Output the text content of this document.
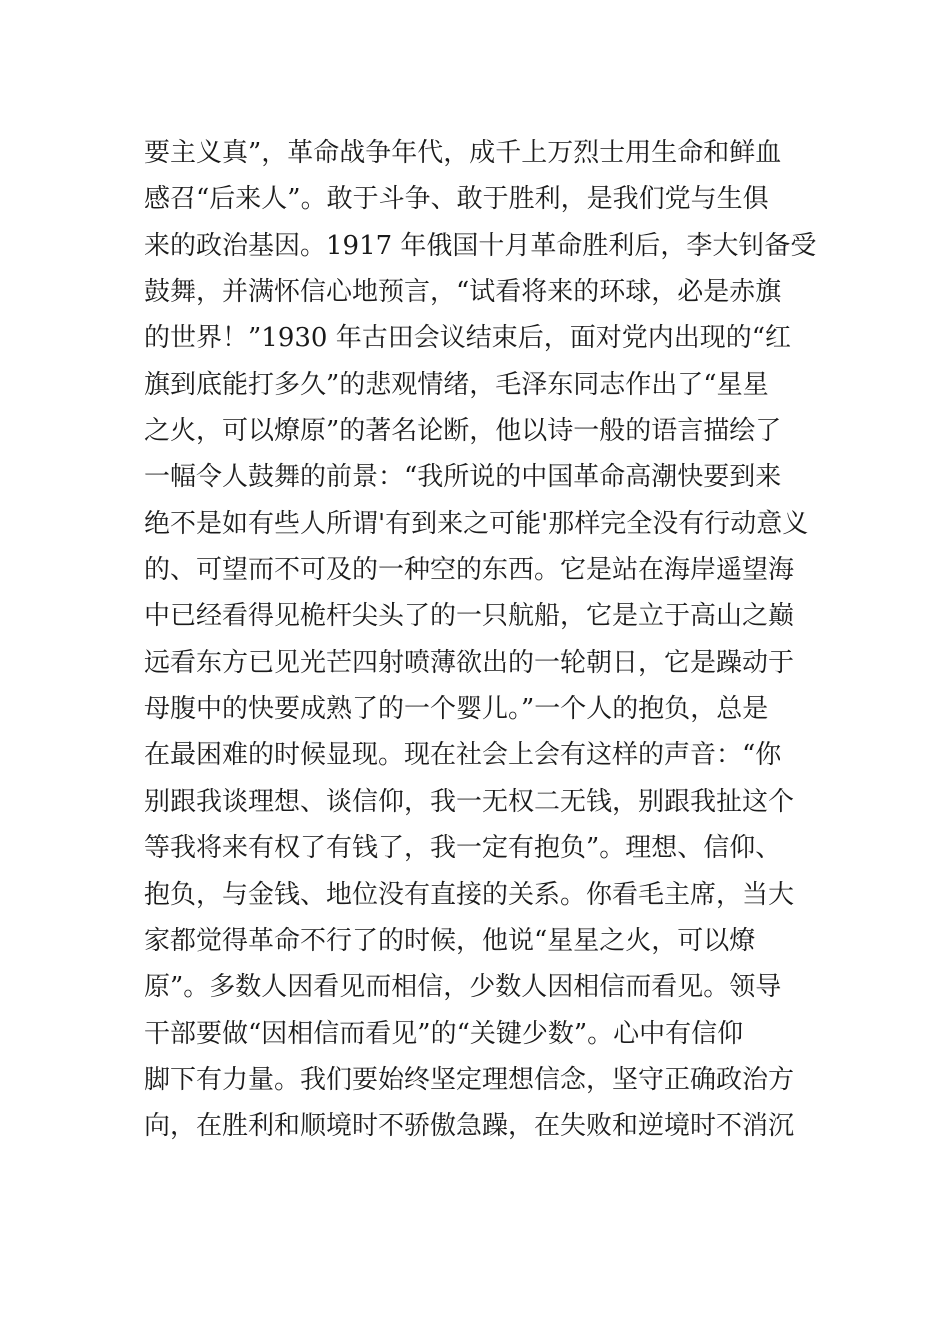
要主义真”，革命战争年代，成千上万烈士用生命和鲜血
感召“后来人”。敢于斗争、敢于胜利，是我们党与生俱
来的政治基因。1917 年俄国十月革命胜利后，李大钊备受
鼓舞，并满怀信心地预言，“试看将来的环球，必是赤旗
的世界！”1930 年古田会议结束后，面对党内出现的“红
旗到底能打多久”的悲观情绪，毛泽东同志作出了“星星
之火，可以燎原”的著名论断，他以诗一般的语言描绘了
一幅令人鼓舞的前景：“我所说的中国革命高潮快要到来
绝不是如有些人所谓'有到来之可能'那样完全没有行动意义
的、可望而不可及的一种空的东西。它是站在海岸遥望海
中已经看得见桅杆尖头了的一只航船，它是立于高山之巅
远看东方已见光芒四射喷薄欲出的一轮朝日，它是躁动于
母腹中的快要成熟了的一个婴儿。”一个人的抱负，总是
在最困难的时候显现。现在社会上会有这样的声音：“你
别跟我谈理想、谈信仰，我一无权二无钱，别跟我扯这个
等我将来有权了有钱了，我一定有抱负”。理想、信仰、
抱负，与金钱、地位没有直接的关系。你看毛主席，当大
家都觉得革命不行了的时候，他说“星星之火，可以燎
原”。多数人因看见而相信，少数人因相信而看见。领导
干部要做“因相信而看见”的“关键少数”。心中有信仰
脚下有力量。我们要始终坚定理想信念，坚守正确政治方
向，在胜利和顺境时不骄傲急躁，在失败和逆境时不消沉
